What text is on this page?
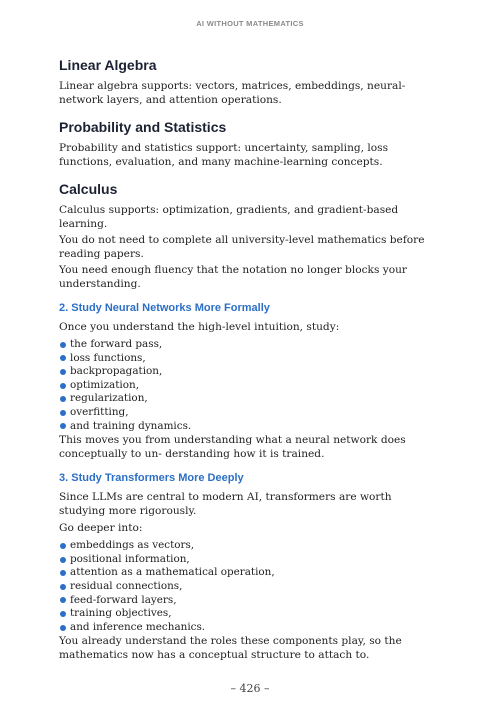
AI WITHOUT MATHEMATICS
Linear Algebra

Linear algebra supports: vectors, matrices, embeddings, neural-network layers, and attention operations.

Probability and Statistics

Probability and statistics support: uncertainty, sampling, loss functions, evaluation, and many machine-learning concepts.

Calculus

Calculus supports: optimization, gradients, and gradient-based learning.

You do not need to complete all university-level mathematics before reading papers.

You need enough fluency that the notation no longer blocks your understanding.

2. Study Neural Networks More Formally

Once you understand the high-level intuition, study:

the forward pass,
loss functions,
backpropagation,
optimization,
regularization,
overfitting,
and training dynamics.

This moves you from understanding what a neural network does conceptually to un- derstanding how it is trained.

3. Study Transformers More Deeply

Since LLMs are central to modern AI, transformers are worth studying more rigorously.

Go deeper into:

embeddings as vectors,
positional information,
attention as a mathematical operation,
residual connections,
feed-forward layers,
training objectives,
and inference mechanics.

You already understand the roles these components play, so the mathematics now has a conceptual structure to attach to.

– 426 –
